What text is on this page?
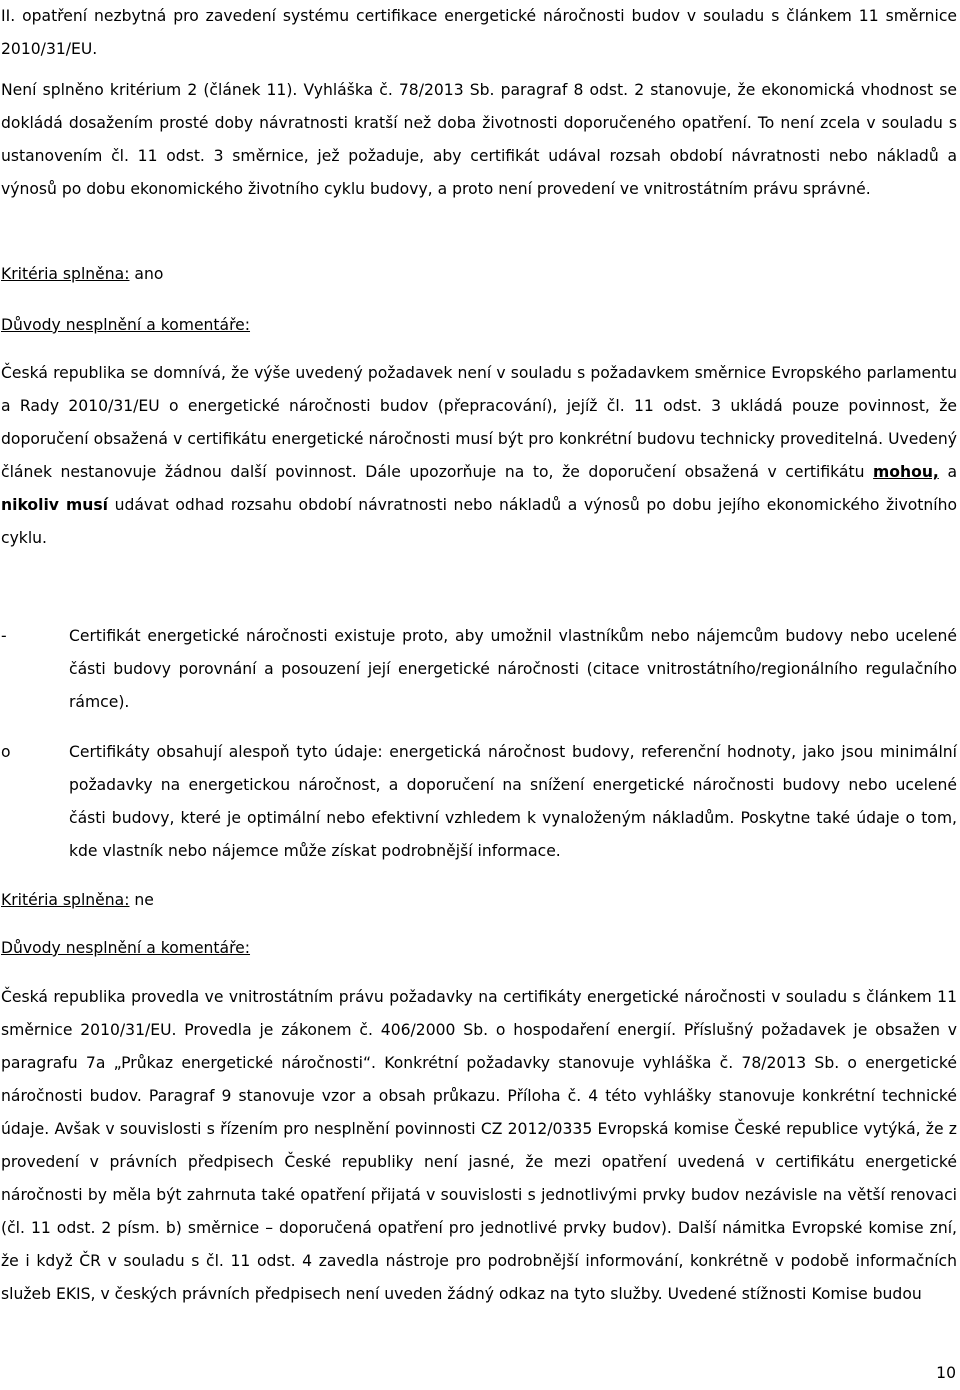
II. opatření nezbytná pro zavedení systému certifikace energetické náročnosti budov v souladu s článkem 11 směrnice 2010/31/EU.

Není splněno kritérium 2 (článek 11). Vyhláška č. 78/2013 Sb. paragraf 8 odst. 2 stanovuje, že ekonomická vhodnost se dokládá dosažením prosté doby návratnosti kratší než doba životnosti doporučeného opatření. To není zcela v souladu s ustanovením čl. 11 odst. 3 směrnice, jež požaduje, aby certifikát udával rozsah období návratnosti nebo nákladů a výnosů po dobu ekonomického životního cyklu budovy, a proto není provedení ve vnitrostátním právu správné.

Kritéria splněna: ano

Důvody nesplnění a komentáře:

Česká republika se domnívá, že výše uvedený požadavek není v souladu s požadavkem směrnice Evropského parlamentu a Rady 2010/31/EU o energetické náročnosti budov (přepracování), jejíž čl. 11 odst. 3 ukládá pouze povinnost, že doporučení obsažená v certifikátu energetické náročnosti musí být pro konkrétní budovu technicky proveditelná. Uvedený článek nestanovuje žádnou další povinnost. Dále upozorňuje na to, že doporučení obsažená v certifikátu mohou, a nikoliv musí udávat odhad rozsahu období návratnosti nebo nákladů a výnosů po dobu jejího ekonomického životního cyklu.

-	Certifikát energetické náročnosti existuje proto, aby umožnil vlastníkům nebo nájemcům budovy nebo ucelené části budovy porovnání a posouzení její energetické náročnosti (citace vnitrostátního/regionálního regulačního rámce).

o	Certifikáty obsahují alespoň tyto údaje: energetická náročnost budovy, referenční hodnoty, jako jsou minimální požadavky na energetickou náročnost, a doporučení na snížení energetické náročnosti budovy nebo ucelené části budovy, které je optimální nebo efektivní vzhledem k vynaloženým nákladům. Poskytne také údaje o tom, kde vlastník nebo nájemce může získat podrobnější informace.

Kritéria splněna: ne

Důvody nesplnění a komentáře:

Česká republika provedla ve vnitrostátním právu požadavky na certifikáty energetické náročnosti v souladu s článkem 11 směrnice 2010/31/EU. Provedla je zákonem č. 406/2000 Sb. o hospodaření energií. Příslušný požadavek je obsažen v paragrafu 7a „Průkaz energetické náročnosti“. Konkrétní požadavky stanovuje vyhláška č. 78/2013 Sb. o energetické náročnosti budov. Paragraf 9 stanovuje vzor a obsah průkazu. Příloha č. 4 této vyhlášky stanovuje konkrétní technické údaje. Avšak v souvislosti s řízením pro nesplnění povinnosti CZ 2012/0335 Evropská komise České republice vytýká, že z provedení v právních předpisech České republiky není jasné, že mezi opatření uvedená v certifikátu energetické náročnosti by měla být zahrnuta také opatření přijatá v souvislosti s jednotlivými prvky budov nezávisle na větší renovaci (čl. 11 odst. 2 písm. b) směrnice – doporučená opatření pro jednotlivé prvky budov). Další námitka Evropské komise zní, že i když ČR v souladu s čl. 11 odst. 4 zavedla nástroje pro podrobnější informování, konkrétně v podobě informačních služeb EKIS, v českých právních předpisech není uveden žádný odkaz na tyto služby. Uvedené stížnosti Komise budou

10
